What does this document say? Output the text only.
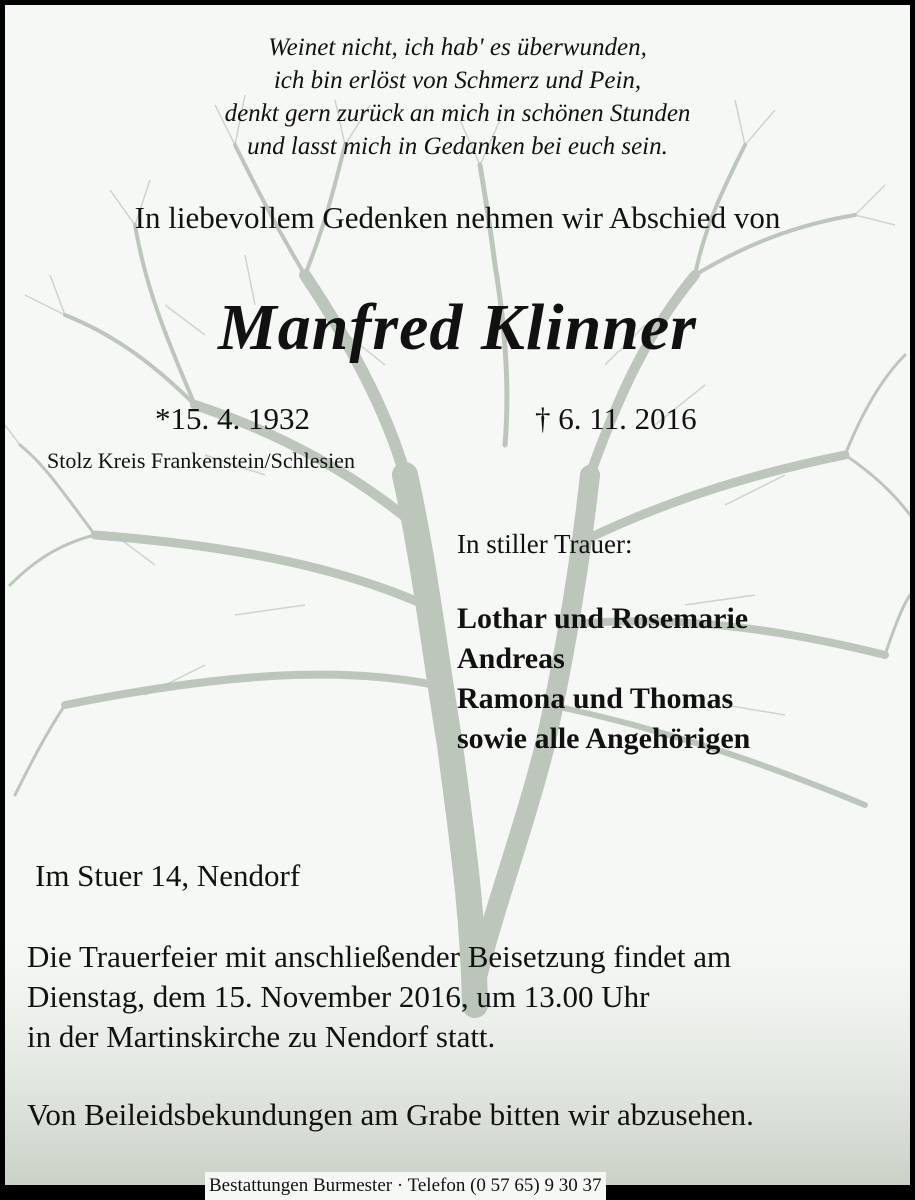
Weinet nicht, ich hab' es überwunden,
ich bin erlöst von Schmerz und Pein,
denkt gern zurück an mich in schönen Stunden
und lasst mich in Gedanken bei euch sein.
In liebevollem Gedenken nehmen wir Abschied von
Manfred Klinner
*15. 4. 1932
Stolz Kreis Frankenstein/Schlesien
† 6. 11. 2016
In stiller Trauer:
Lothar und Rosemarie
Andreas
Ramona und Thomas
sowie alle Angehörigen
Im Stuer 14, Nendorf
Die Trauerfeier mit anschließender Beisetzung findet am
Dienstag, dem 15. November 2016, um 13.00 Uhr
in der Martinskirche zu Nendorf statt.
Von Beileidsbekundungen am Grabe bitten wir abzusehen.
Bestattungen Burmester · Telefon (0 57 65) 9 30 37
